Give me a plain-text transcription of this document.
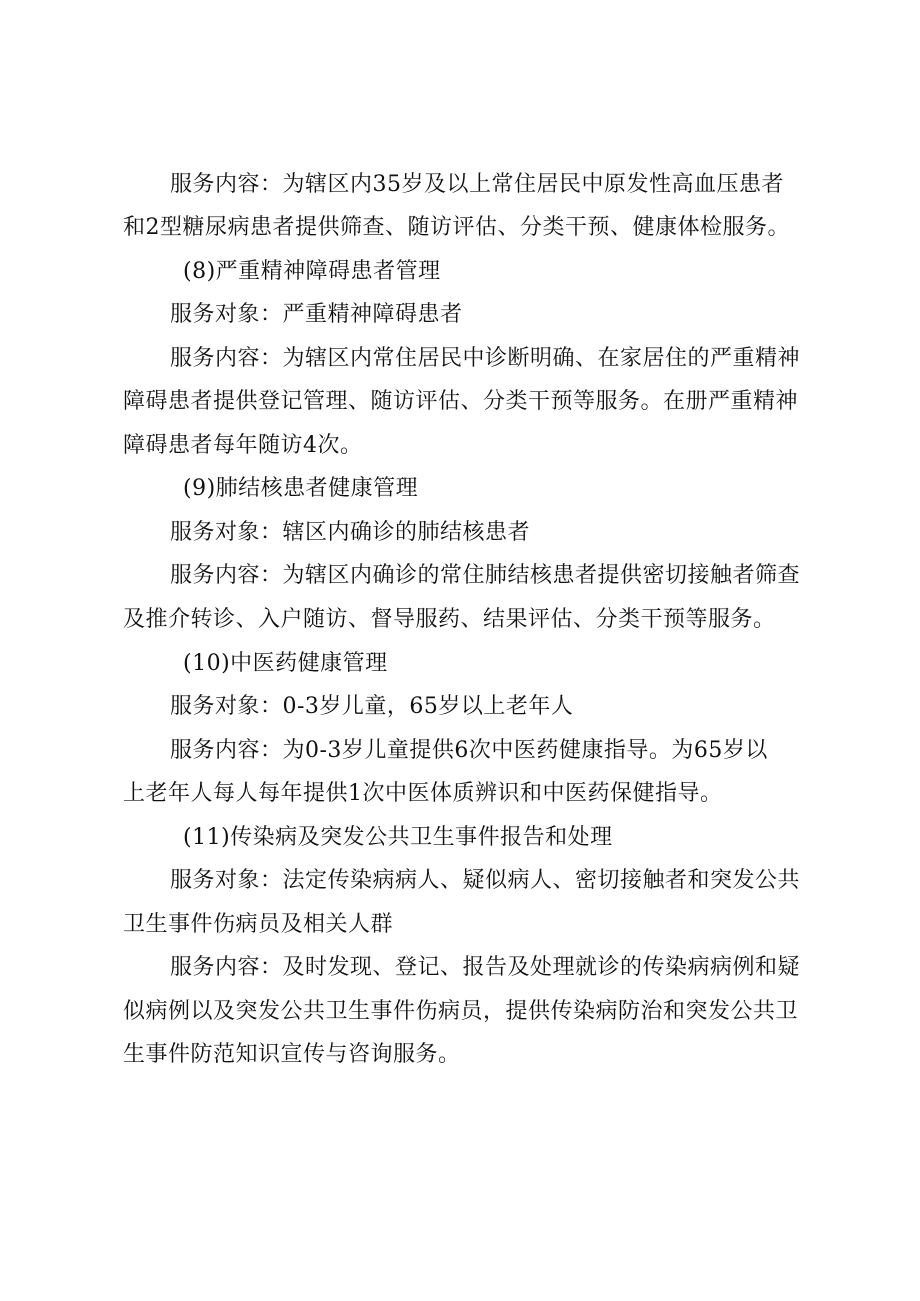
服务内容：为辖区内35岁及以上常住居民中原发性高血压患者
和2型糖尿病患者提供筛查、随访评估、分类干预、健康体检服务。
(8)严重精神障碍患者管理
服务对象：严重精神障碍患者
服务内容：为辖区内常住居民中诊断明确、在家居住的严重精神
障碍患者提供登记管理、随访评估、分类干预等服务。在册严重精神
障碍患者每年随访4次。
(9)肺结核患者健康管理
服务对象：辖区内确诊的肺结核患者
服务内容：为辖区内确诊的常住肺结核患者提供密切接触者筛查
及推介转诊、入户随访、督导服药、结果评估、分类干预等服务。
(10)中医药健康管理
服务对象：0-3岁儿童，65岁以上老年人
服务内容：为0-3岁儿童提供6次中医药健康指导。为65岁以
上老年人每人每年提供1次中医体质辨识和中医药保健指导。
(11)传染病及突发公共卫生事件报告和处理
服务对象：法定传染病病人、疑似病人、密切接触者和突发公共
卫生事件伤病员及相关人群
服务内容：及时发现、登记、报告及处理就诊的传染病病例和疑
似病例以及突发公共卫生事件伤病员，提供传染病防治和突发公共卫
生事件防范知识宣传与咨询服务。
